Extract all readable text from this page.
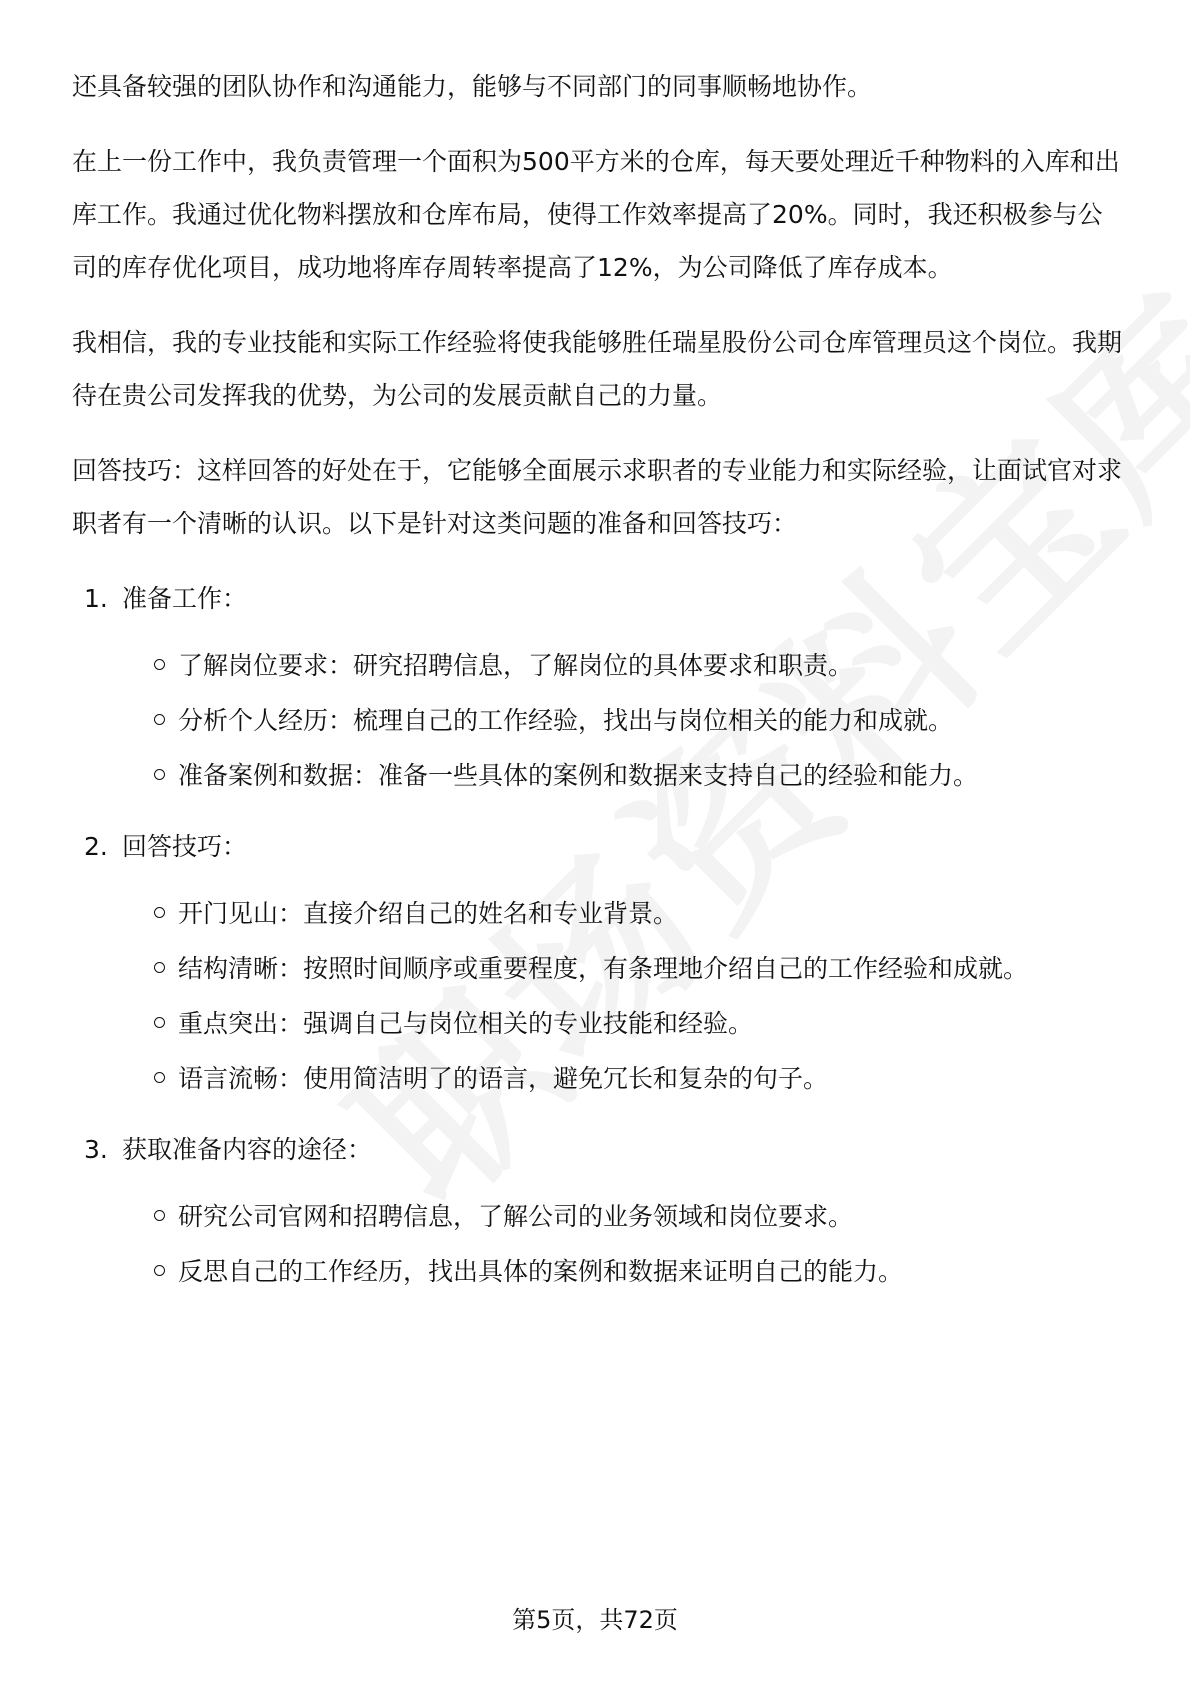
还具备较强的团队协作和沟通能力，能够与不同部门的同事顺畅地协作。

在上一份工作中，我负责管理一个面积为500平方米的仓库，每天要处理近千种物料的入库和出库工作。我通过优化物料摆放和仓库布局，使得工作效率提高了20%。同时，我还积极参与公司的库存优化项目，成功地将库存周转率提高了12%，为公司降低了库存成本。

我相信，我的专业技能和实际工作经验将使我能够胜任瑞星股份公司仓库管理员这个岗位。我期待在贵公司发挥我的优势，为公司的发展贡献自己的力量。

回答技巧：这样回答的好处在于，它能够全面展示求职者的专业能力和实际经验，让面试官对求职者有一个清晰的认识。以下是针对这类问题的准备和回答技巧：

1. 准备工作：
了解岗位要求：研究招聘信息，了解岗位的具体要求和职责。
分析个人经历：梳理自己的工作经验，找出与岗位相关的能力和成就。
准备案例和数据：准备一些具体的案例和数据来支持自己的经验和能力。
2. 回答技巧：
开门见山：直接介绍自己的姓名和专业背景。
结构清晰：按照时间顺序或重要程度，有条理地介绍自己的工作经验和成就。
重点突出：强调自己与岗位相关的专业技能和经验。
语言流畅：使用简洁明了的语言，避免冗长和复杂的句子。
3. 获取准备内容的途径：
研究公司官网和招聘信息，了解公司的业务领域和岗位要求。
反思自己的工作经历，找出具体的案例和数据来证明自己的能力。
第5页，共72页
